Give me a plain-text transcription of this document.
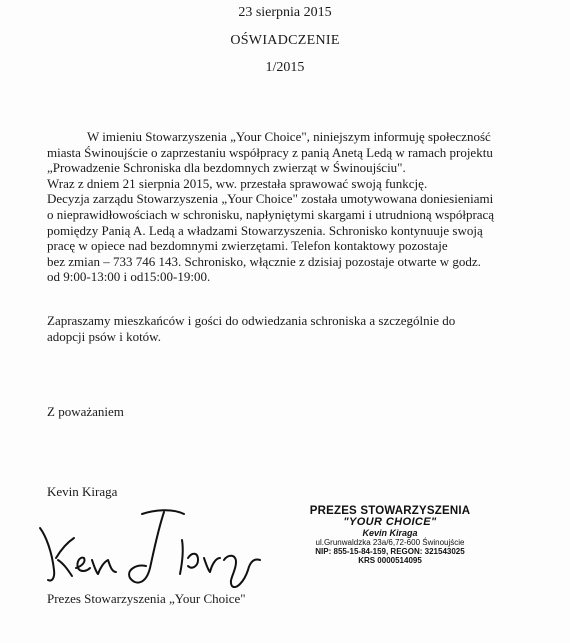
23 sierpnia 2015
OŚWIADCZENIE
1/2015
W imieniu Stowarzyszenia „Your Choice", niniejszym informuję społeczność
miasta Świnoujście o zaprzestaniu współpracy z panią Anetą Ledą w ramach projektu
„Prowadzenie Schroniska dla bezdomnych zwierząt w Świnoujściu".
Wraz z dniem 21 sierpnia 2015, ww. przestała sprawować swoją funkcję.
Decyzja zarządu Stowarzyszenia „Your Choice" została umotywowana doniesieniami
o nieprawidłowościach w schronisku, napłyniętymi skargami i utrudnioną współpracą
pomiędzy Panią A. Ledą a władzami Stowarzyszenia. Schronisko kontynuuje swoją
pracę w opiece nad bezdomnymi zwierzętami. Telefon kontaktowy pozostaje
bez zmian – 733 746 143. Schronisko, włącznie z dzisiaj pozostaje otwarte w godz.
od 9:00-13:00 i od15:00-19:00.
Zapraszamy mieszkańców i gości do odwiedzania schroniska a szczególnie do
adopcji psów i kotów.
Z poważaniem
Kevin Kiraga
Prezes Stowarzyszenia „Your Choice"
PREZES STOWARZYSZENIA
"YOUR CHOICE"
Kevin Kiraga
ul.Grunwaldzka 23a/6,72-600 Świnoujście
NIP: 855-15-84-159, REGON: 321543025
KRS 0000514095
